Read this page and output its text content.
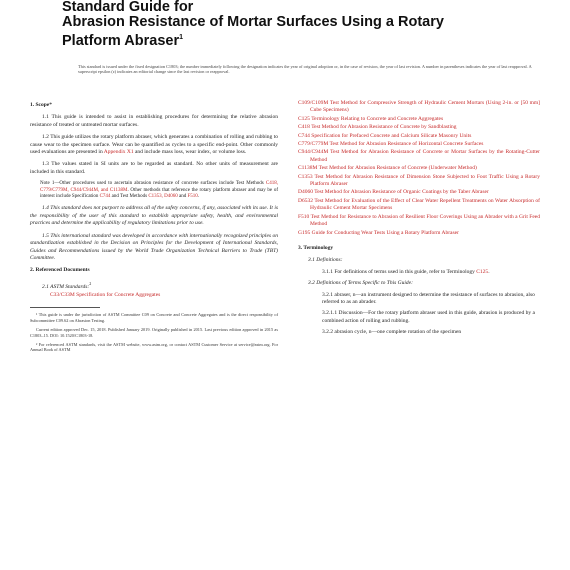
Standard Guide for
Abrasion Resistance of Mortar Surfaces Using a Rotary
Platform Abraser$^1$
This standard is issued under the fixed designation C1803; the number immediately following the designation indicates the year of original adoption or, in the case of revision, the year of last revision. A number in parentheses indicates the year of last reapproval. A superscript epsilon (ε) indicates an editorial change since the last revision or reapproval.
1. Scope*

1.1 This guide is intended to assist in establishing procedures for determining the relative abrasion resistance of treated or untreated mortar surfaces.

1.2 This guide utilizes the rotary platform abraser, which generates a combination of rolling and rubbing to cause wear to the specimen surface. Wear can be quantified as cycles to a specific end-point. Other commonly used evaluations are presented in Appendix X1 and include mass loss, wear index, or volume loss.

1.3 The values stated in SI units are to be regarded as standard. No other units of measurement are included in this standard.

Note 1—Other procedures used to ascertain abrasion resistance of concrete surfaces include Test Methods C418, C779/C779M, C944/C944M, and C1138M. Other methods that reference the rotary platform abraser and may be of interest include Specification C744 and Test Methods C1353, D4060 and F510.

1.4 This standard does not purport to address all of the safety concerns, if any, associated with its use. It is the responsibility of the user of this standard to establish appropriate safety, health, and environmental practices and determine the applicability of regulatory limitations prior to use.

1.5 This international standard was developed in accordance with internationally recognized principles on standardization established in the Decision on Principles for the Development of International Standards, Guides and Recommendations issued by the World Trade Organization Technical Barriers to Trade (TBT) Committee.

2. Referenced Documents

2.1 ASTM Standards:$^2$

C33/C33M Specification for Concrete Aggregates

¹ This guide is under the jurisdiction of ASTM Committee C09 on Concrete and Concrete Aggregates and is the direct responsibility of Subcommittee C09.62 on Abrasion Testing.

Current edition approved Dec. 15, 2018. Published January 2019. Originally published in 2015. Last previous edition approved in 2015 as C1803–15. DOI: 10.1520/C1803-18.

² For referenced ASTM standards, visit the ASTM website, www.astm.org, or contact ASTM Customer Service at service@astm.org. For Annual Book of ASTM

C109/C109M Test Method for Compressive Strength of Hydraulic Cement Mortars (Using 2-in. or [50 mm] Cube Specimens)

C125 Terminology Relating to Concrete and Concrete Aggregates

C418 Test Method for Abrasion Resistance of Concrete by Sandblasting

C744 Specification for Prefaced Concrete and Calcium Silicate Masonry Units

C779/C779M Test Method for Abrasion Resistance of Horizontal Concrete Surfaces

C944/C944M Test Method for Abrasion Resistance of Concrete or Mortar Surfaces by the Rotating-Cutter Method

C1138M Test Method for Abrasion Resistance of Concrete (Underwater Method)

C1353 Test Method for Abrasion Resistance of Dimension Stone Subjected to Foot Traffic Using a Rotary Platform Abraser

D4060 Test Method for Abrasion Resistance of Organic Coatings by the Taber Abraser

D6532 Test Method for Evaluation of the Effect of Clear Water Repellent Treatments on Water Absorption of Hydraulic Cement Mortar Specimens

F510 Test Method for Resistance to Abrasion of Resilient Floor Coverings Using an Abrader with a Grit Feed Method

G195 Guide for Conducting Wear Tests Using a Rotary Platform Abraser

3. Terminology

3.1 Definitions:

3.1.1 For definitions of terms used in this guide, refer to Terminology C125.

3.2 Definitions of Terms Specific to This Guide:

3.2.1 abraser, n—an instrument designed to determine the resistance of surfaces to abrasion, also referred to as an abrader.

3.2.1.1 Discussion—For the rotary platform abraser used in this guide, abrasion is produced by a combined action of rolling and rubbing.

3.2.2 abrasion cycle, n—one complete rotation of the specimen
